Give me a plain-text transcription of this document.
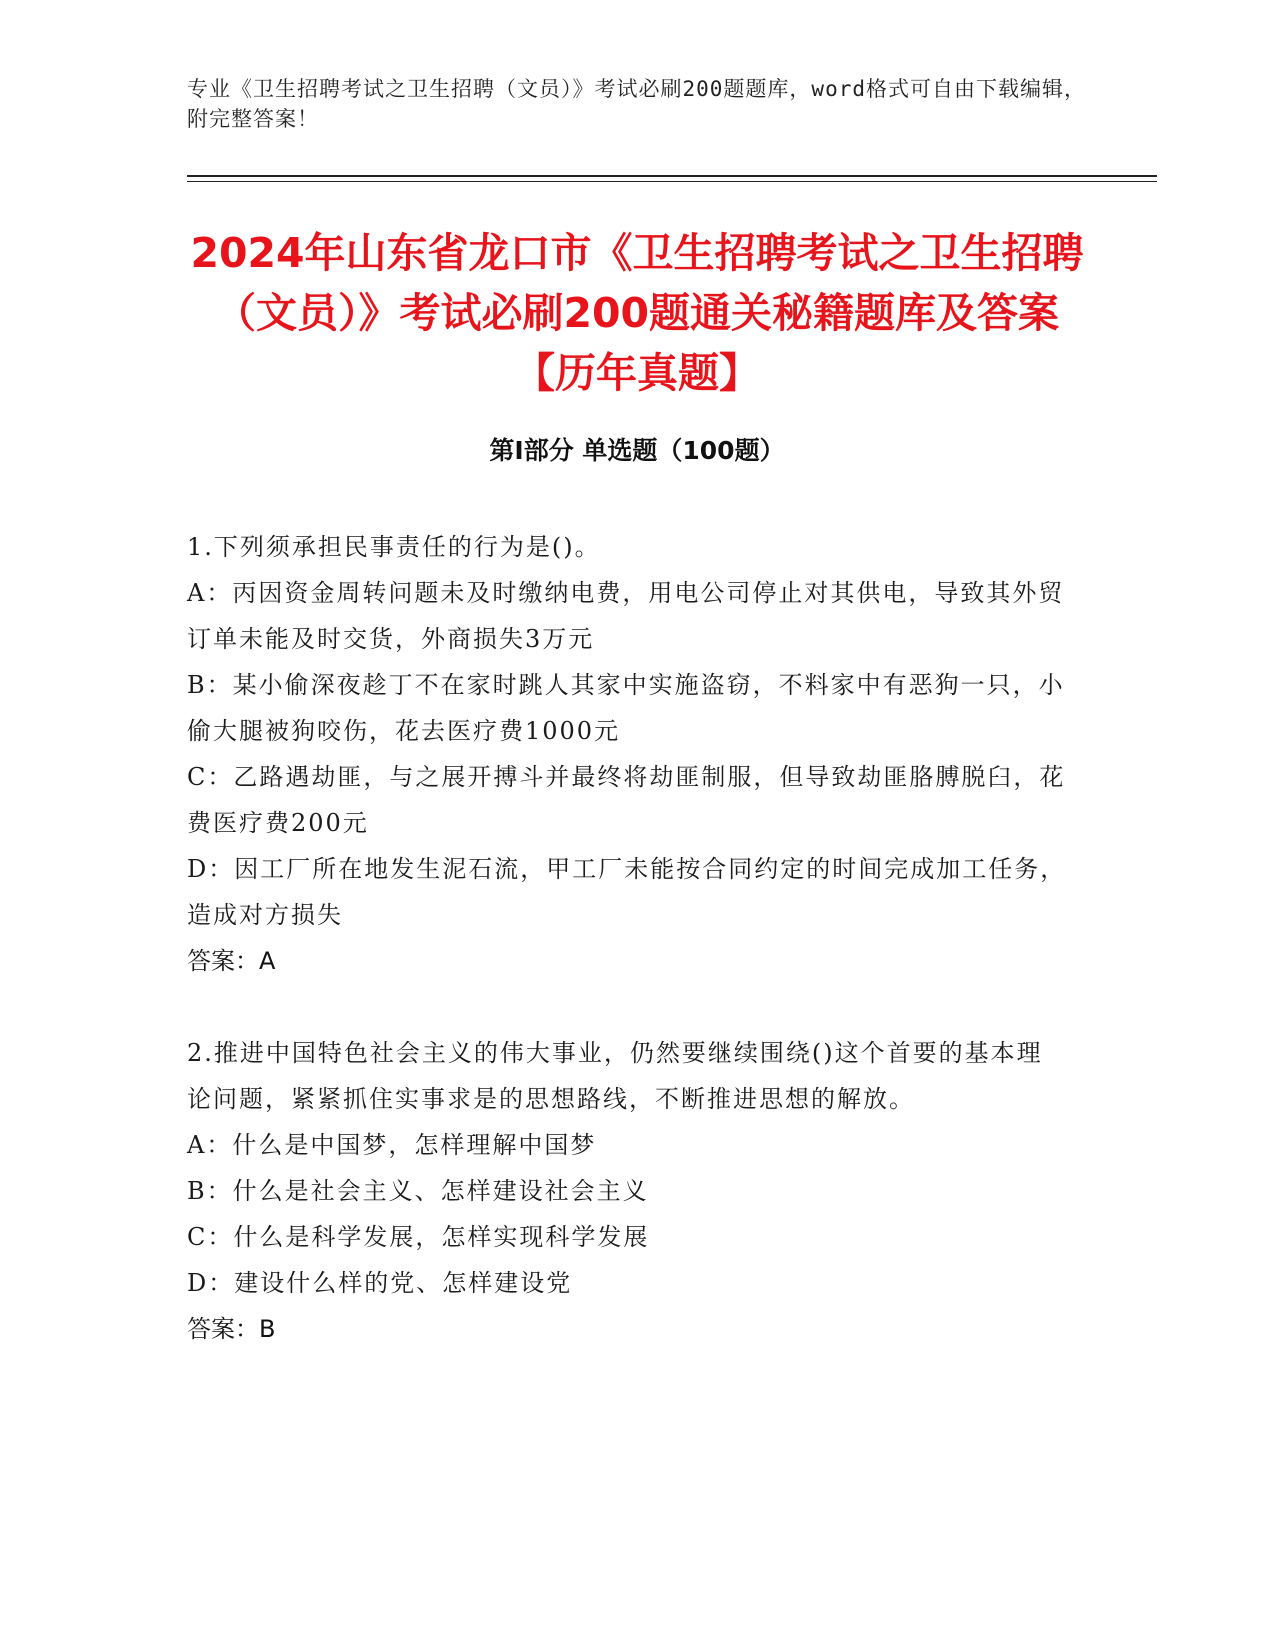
专业《卫生招聘考试之卫生招聘（文员）》考试必刷200题题库，word格式可自由下载编辑，附完整答案！
2024年山东省龙口市《卫生招聘考试之卫生招聘（文员）》考试必刷200题通关秘籍题库及答案【历年真题】
第I部分 单选题（100题）
1.下列须承担民事责任的行为是()。
A：丙因资金周转问题未及时缴纳电费，用电公司停止对其供电，导致其外贸订单未能及时交货，外商损失3万元
B：某小偷深夜趁丁不在家时跳人其家中实施盗窃，不料家中有恶狗一只，小偷大腿被狗咬伤，花去医疗费1000元
C：乙路遇劫匪，与之展开搏斗并最终将劫匪制服，但导致劫匪胳膊脱臼，花费医疗费200元
D：因工厂所在地发生泥石流，甲工厂未能按合同约定的时间完成加工任务，造成对方损失
答案：A
2.推进中国特色社会主义的伟大事业，仍然要继续围绕()这个首要的基本理论问题，紧紧抓住实事求是的思想路线，不断推进思想的解放。
A：什么是中国梦，怎样理解中国梦
B：什么是社会主义、怎样建设社会主义
C：什么是科学发展，怎样实现科学发展
D：建设什么样的党、怎样建设党
答案：B
